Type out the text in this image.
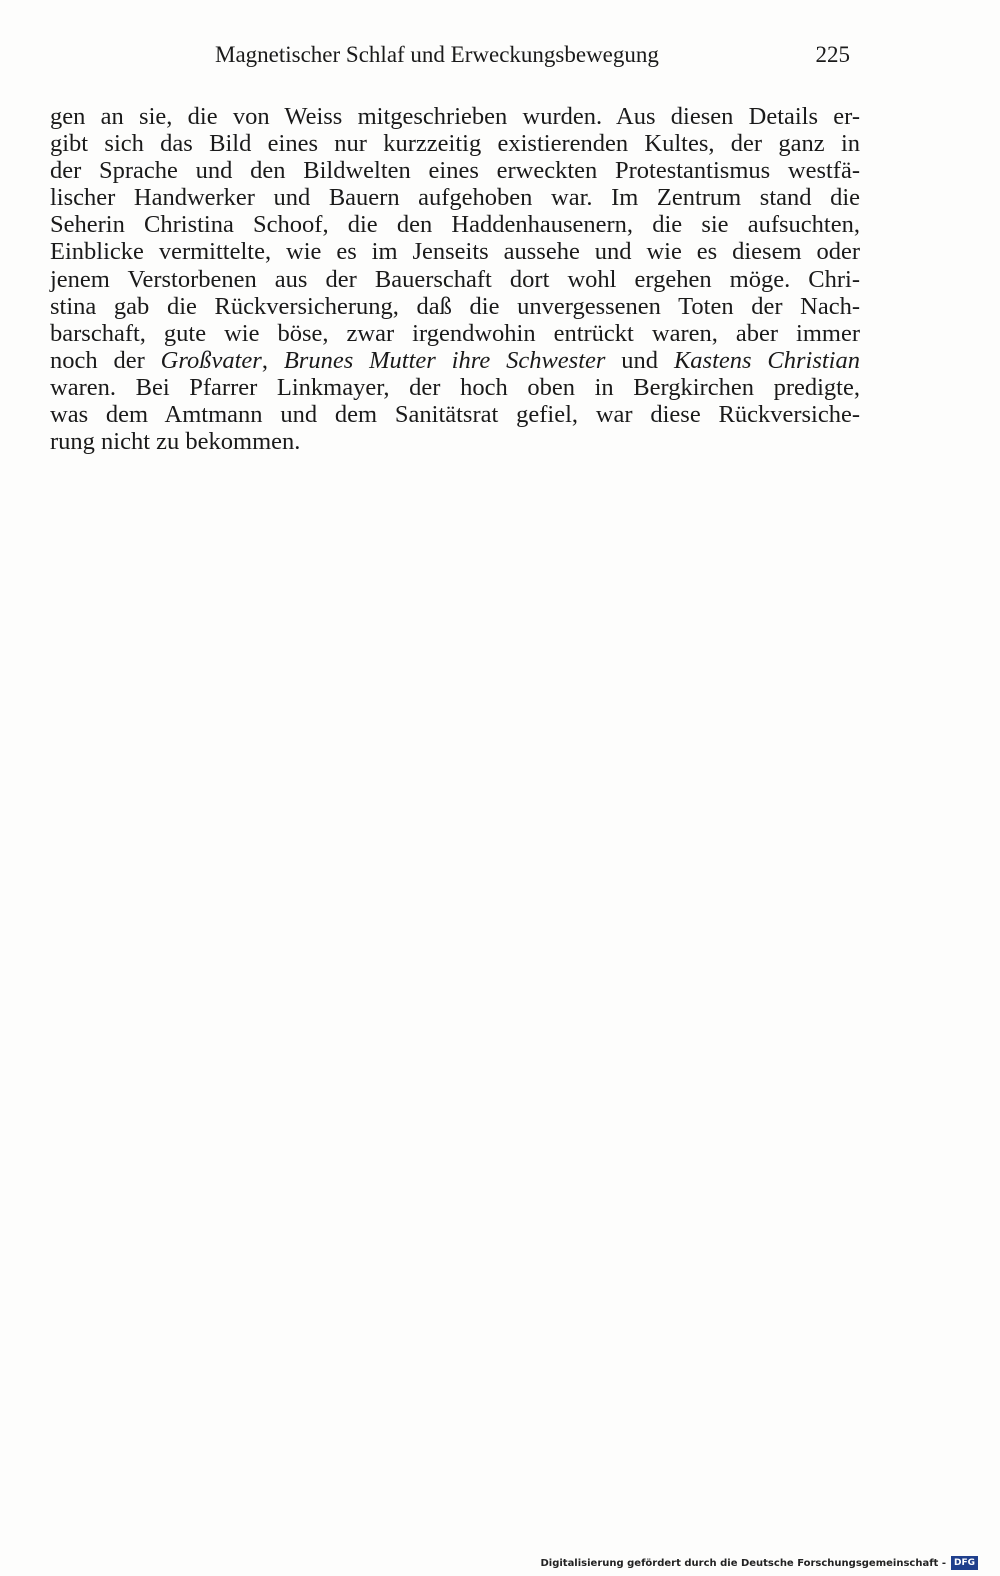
Magnetischer Schlaf und Erweckungsbewegung	225
gen an sie, die von Weiss mitgeschrieben wurden. Aus diesen Details er-
gibt sich das Bild eines nur kurzzeitig existierenden Kultes, der ganz in
der Sprache und den Bildwelten eines erweckten Protestantismus westfä-
lischer Handwerker und Bauern aufgehoben war. Im Zentrum stand die
Seherin Christina Schoof, die den Haddenhausenern, die sie aufsuchten,
Einblicke vermittelte, wie es im Jenseits aussehe und wie es diesem oder
jenem Verstorbenen aus der Bauerschaft dort wohl ergehen möge. Chri-
stina gab die Rückversicherung, daß die unvergessenen Toten der Nach-
barschaft, gute wie böse, zwar irgendwohin entrückt waren, aber immer
noch der Großvater, Brunes Mutter ihre Schwester und Kastens Christian
waren. Bei Pfarrer Linkmayer, der hoch oben in Bergkirchen predigte,
was dem Amtmann und dem Sanitätsrat gefiel, war diese Rückversiche-
rung nicht zu bekommen.
Digitalisierung gefördert durch die Deutsche Forschungsgemeinschaft - DFG
